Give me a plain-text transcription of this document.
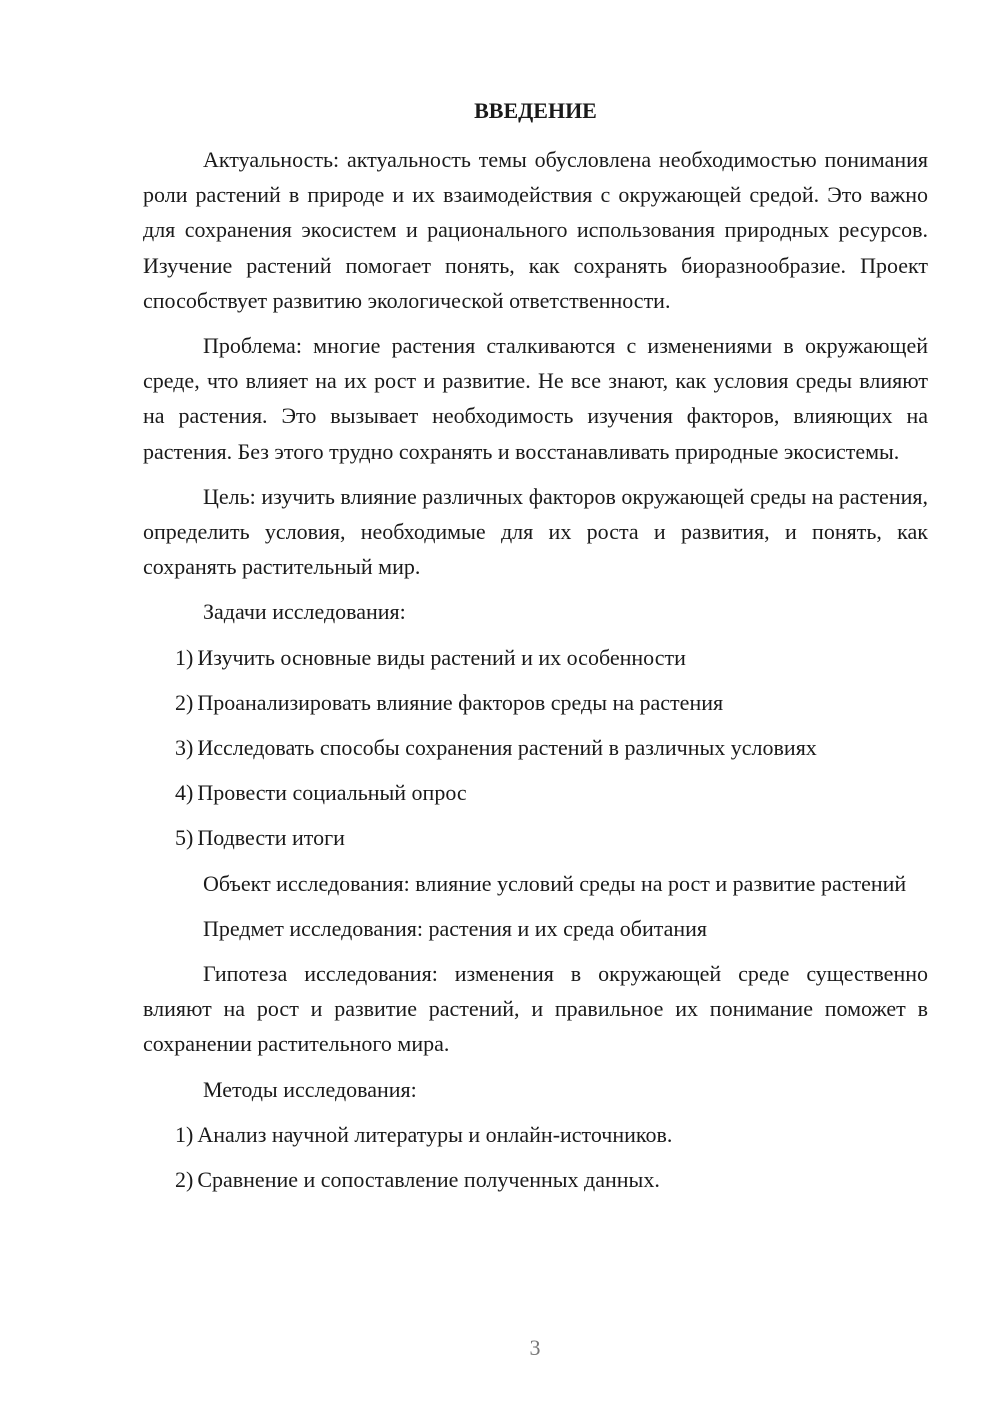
ВВЕДЕНИЕ

Актуальность: актуальность темы обусловлена необходимостью понимания роли растений в природе и их взаимодействия с окружающей средой. Это важно для сохранения экосистем и рационального использования природных ресурсов. Изучение растений помогает понять, как сохранять биоразнообразие. Проект способствует развитию экологической ответственности.

Проблема: многие растения сталкиваются с изменениями в окружающей среде, что влияет на их рост и развитие. Не все знают, как условия среды влияют на растения. Это вызывает необходимость изучения факторов, влияющих на растения. Без этого трудно сохранять и восстанавливать природные экосистемы.

Цель: изучить влияние различных факторов окружающей среды на растения, определить условия, необходимые для их роста и развития, и понять, как сохранять растительный мир.

Задачи исследования:

1) Изучить основные виды растений и их особенности
2) Проанализировать влияние факторов среды на растения
3) Исследовать способы сохранения растений в различных условиях
4) Провести социальный опрос
5) Подвести итоги

Объект исследования: влияние условий среды на рост и развитие растений

Предмет исследования: растения и их среда обитания

Гипотеза исследования: изменения в окружающей среде существенно влияют на рост и развитие растений, и правильное их понимание поможет в сохранении растительного мира.

Методы исследования:

1) Анализ научной литературы и онлайн-источников.
2) Сравнение и сопоставление полученных данных.
3
